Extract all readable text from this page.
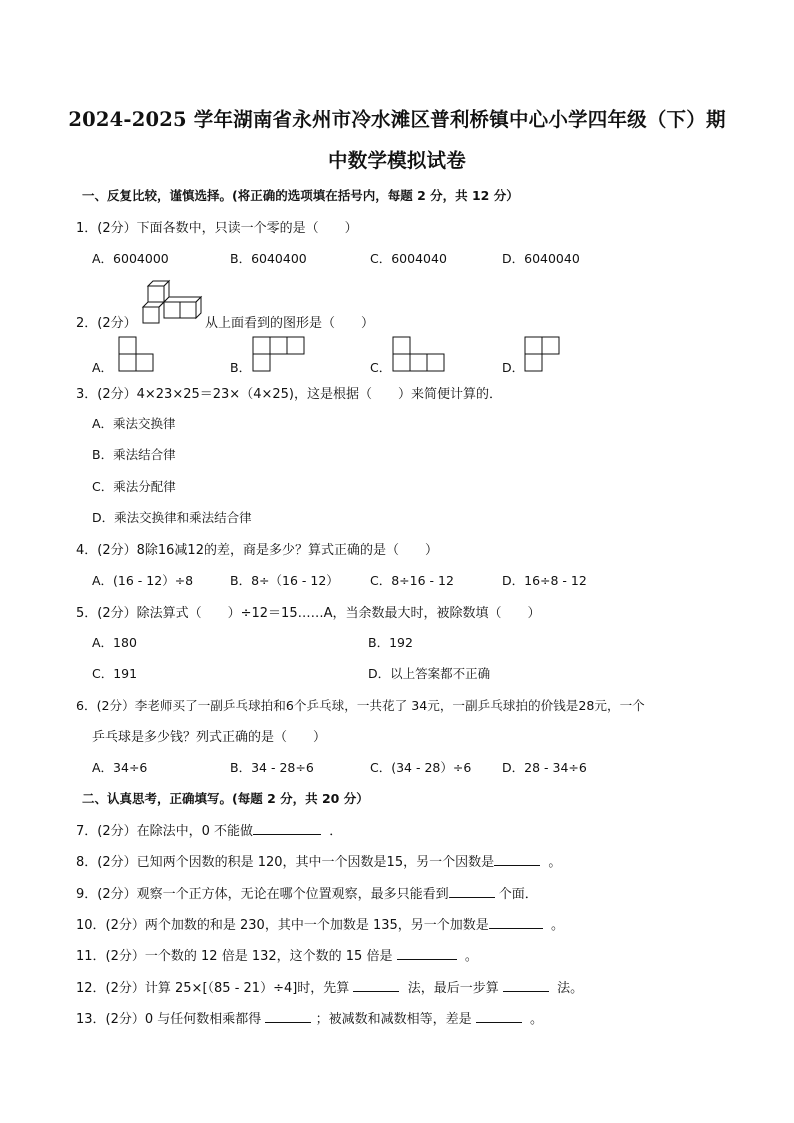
2024-2025 学年湖南省永州市冷水滩区普利桥镇中心小学四年级（下）期
中数学模拟试卷
一、反复比较，谨慎选择。(将正确的选项填在括号内，每题 2 分，共 12 分）
1．(2分）下面各数中，只读一个零的是（　　）
A．6004000	B．6040400	C．6004040	D．6040040
2．(2分）	从上面看到的图形是（　　）
A．	B．	C．	D．
3．(2分）4×23×25＝23×（4×25)，这是根据（　　）来简便计算的．
A．乘法交换律
B．乘法结合律
C．乘法分配律
D．乘法交换律和乘法结合律
4．(2分）8除16减12的差，商是多少？算式正确的是（　　）
A．(16 - 12）÷8	B．8÷（16 - 12） C．8÷16 - 12	D．16÷8 - 12
5．(2分）除法算式（　　）÷12＝15……A，当余数最大时，被除数填（　　）
A．180	B．192
C．191	D．以上答案都不正确
6．(2分）李老师买了一副乒乓球拍和6个乒乓球，一共花了 34元，一副乒乓球拍的价钱是28元，一个
乒乓球是多少钱？列式正确的是（　　）
A．34÷6	B．34 - 28÷6	C．(34 - 28）÷6 D．28 - 34÷6
二、认真思考，正确填写。(每题 2 分，共 20 分）
7．(2分）在除法中，0 不能做	．
8．(2分）已知两个因数的积是 120，其中一个因数是15，另一个因数是	。
9．(2分）观察一个正方体，无论在哪个位置观察，最多只能看到	个面．
10．(2分）两个加数的和是 230，其中一个加数是 135，另一个加数是	。
11．(2分）一个数的 12 倍是 132，这个数的 15 倍是	。
12．(2分）计算 25×[（85 - 21）÷4]时，先算	法，最后一步算	法。
13．(2分）0 与任何数相乘都得	；被减数和减数相等，差是	。
